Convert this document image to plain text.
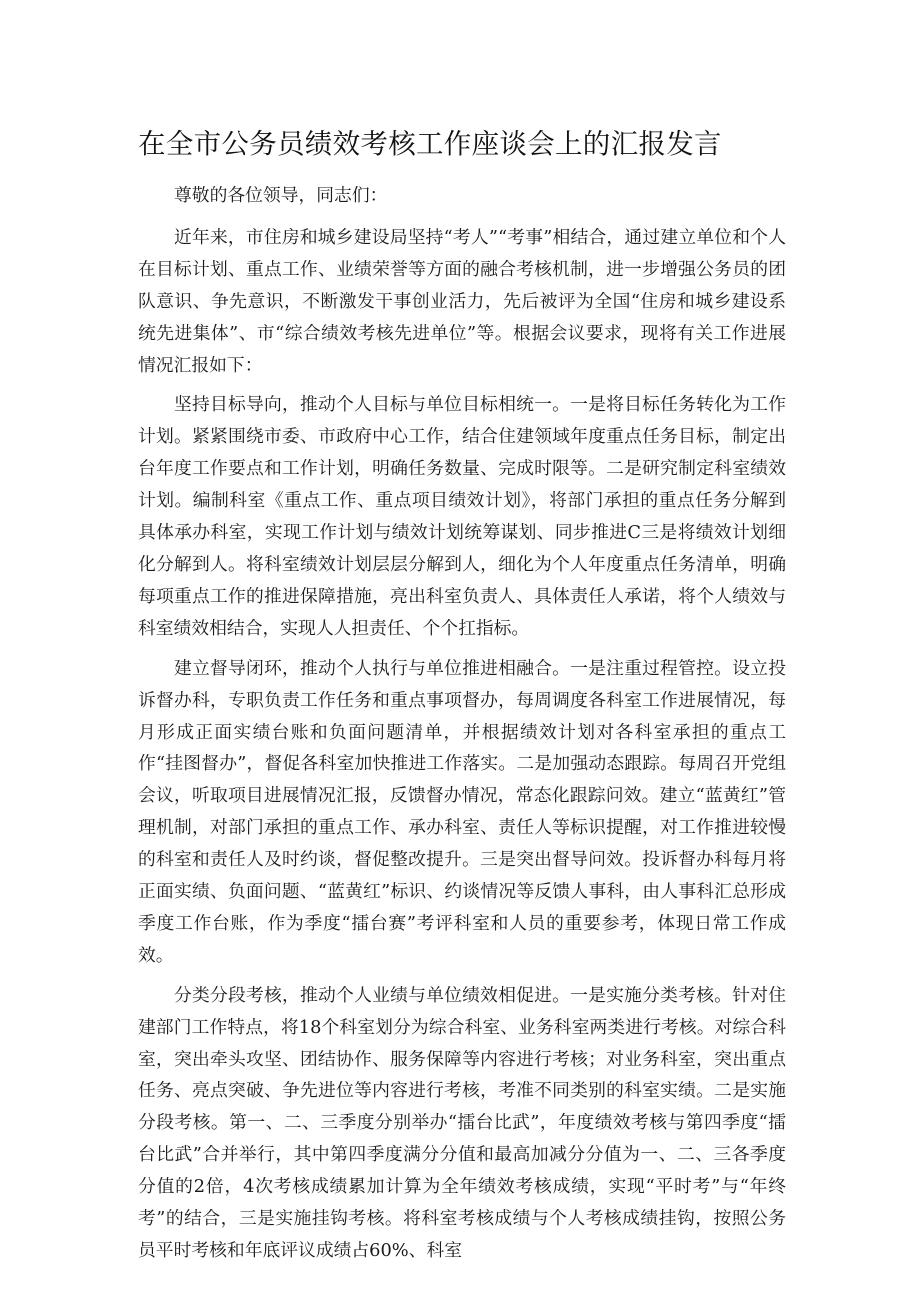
在全市公务员绩效考核工作座谈会上的汇报发言

尊敬的各位领导，同志们：

近年来，市住房和城乡建设局坚持“考人”“考事”相结合，通过建立单位和个人在目标计划、重点工作、业绩荣誉等方面的融合考核机制，进一步增强公务员的团队意识、争先意识，不断激发干事创业活力，先后被评为全国“住房和城乡建设系统先进集体”、市“综合绩效考核先进单位”等。根据会议要求，现将有关工作进展情况汇报如下：

坚持目标导向，推动个人目标与单位目标相统一。一是将目标任务转化为工作计划。紧紧围绕市委、市政府中心工作，结合住建领域年度重点任务目标，制定出台年度工作要点和工作计划，明确任务数量、完成时限等。二是研究制定科室绩效计划。编制科室《重点工作、重点项目绩效计划》，将部门承担的重点任务分解到具体承办科室，实现工作计划与绩效计划统筹谋划、同步推进C三是将绩效计划细化分解到人。将科室绩效计划层层分解到人，细化为个人年度重点任务清单，明确每项重点工作的推进保障措施，亮出科室负责人、具体责任人承诺，将个人绩效与科室绩效相结合，实现人人担责任、个个扛指标。

建立督导闭环，推动个人执行与单位推进相融合。一是注重过程管控。设立投诉督办科，专职负责工作任务和重点事项督办，每周调度各科室工作进展情况，每月形成正面实绩台账和负面问题清单，并根据绩效计划对各科室承担的重点工作“挂图督办”，督促各科室加快推进工作落实。二是加强动态跟踪。每周召开党组会议，听取项目进展情况汇报，反馈督办情况，常态化跟踪问效。建立“蓝黄红”管理机制，对部门承担的重点工作、承办科室、责任人等标识提醒，对工作推进较慢的科室和责任人及时约谈，督促整改提升。三是突出督导问效。投诉督办科每月将正面实绩、负面问题、“蓝黄红”标识、约谈情况等反馈人事科，由人事科汇总形成季度工作台账，作为季度“擂台赛”考评科室和人员的重要参考，体现日常工作成效。

分类分段考核，推动个人业绩与单位绩效相促进。一是实施分类考核。针对住建部门工作特点，将18个科室划分为综合科室、业务科室两类进行考核。对综合科室，突出牵头攻坚、团结协作、服务保障等内容进行考核；对业务科室，突出重点任务、亮点突破、争先进位等内容进行考核，考准不同类别的科室实绩。二是实施分段考核。第一、二、三季度分别举办“擂台比武”，年度绩效考核与第四季度“擂台比武”合并举行，其中第四季度满分分值和最高加减分分值为一、二、三各季度分值的2倍，4次考核成绩累加计算为全年绩效考核成绩，实现“平时考”与“年终考”的结合，三是实施挂钩考核。将科室考核成绩与个人考核成绩挂钩，按照公务员平时考核和年底评议成绩占60%、科室
